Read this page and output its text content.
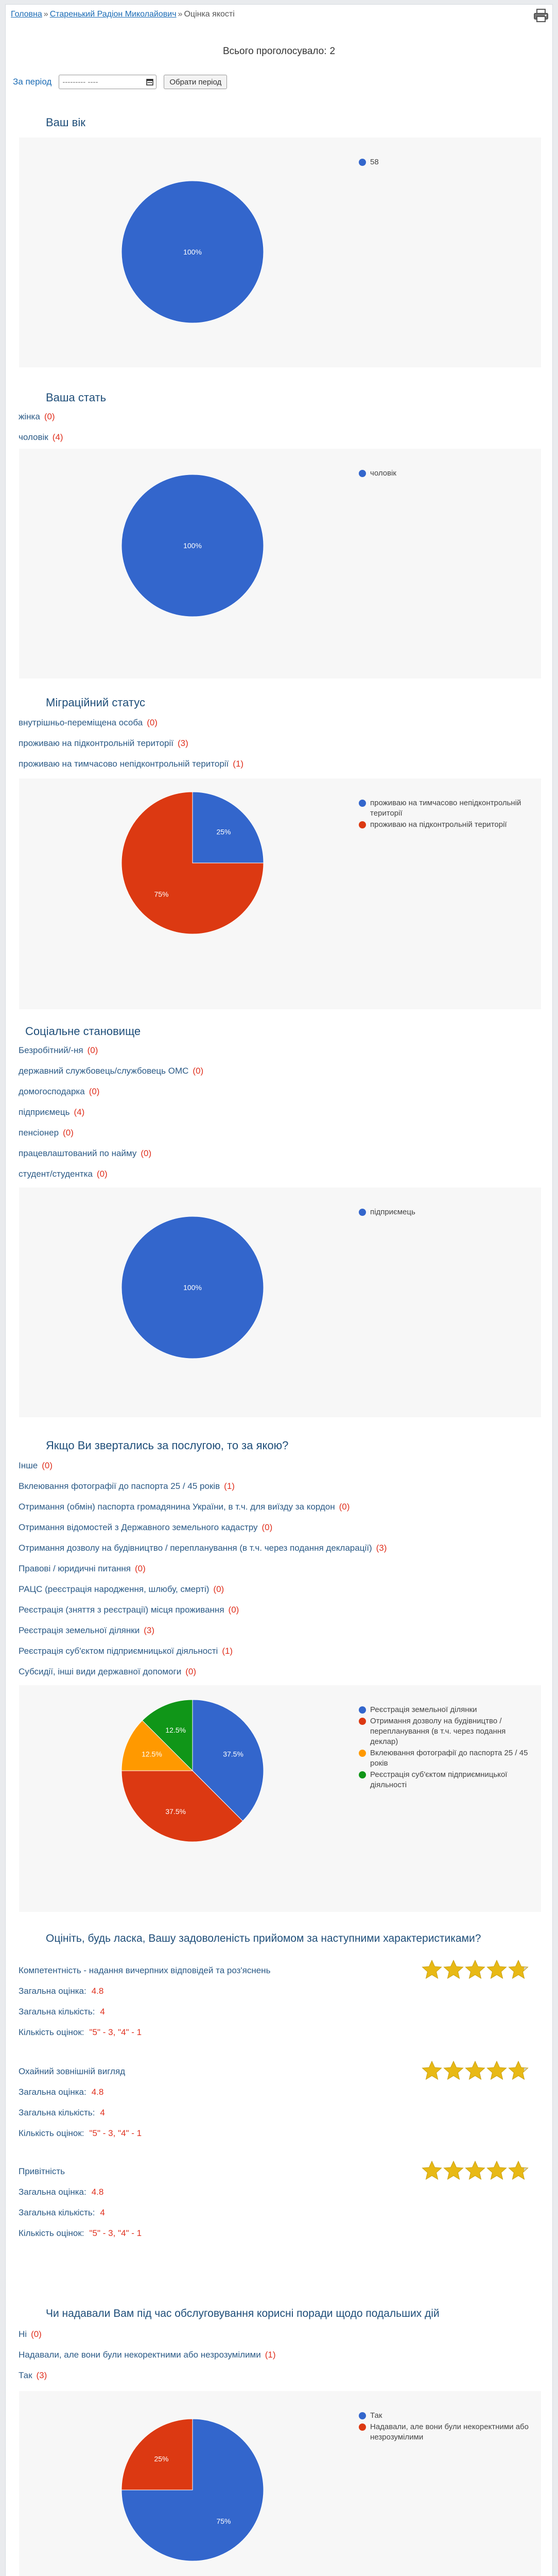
Головна » Старенький Радіон Миколайович » Оцінка якості
Всього проголосувало: 2
За період
--------- ----	Обрати період
Ваш вік
100%
58
Ваша стать
жінка (0)
чоловік (4)
100%
чоловік
Міграційний статус
внутрішньо-переміщена особа (0)
проживаю на підконтрольній території (3)
проживаю на тимчасово непідконтрольній території (1)
25%
75%
проживаю на тимчасово непідконтрольній території
проживаю на підконтрольній території
Соціальне становище
Безробітний/-ня (0)
державний службовець/службовець ОМС (0)
домогосподарка (0)
підприємець (4)
пенсіонер (0)
працевлаштований по найму (0)
студент/студентка (0)
100%
підприємець
Якщо Ви звертались за послугою, то за якою?
Інше (0)
Вклеювання фотографії до паспорта 25 / 45 років (1)
Отримання (обмін) паспорта громадянина України, в т.ч. для виїзду за кордон (0)
Отримання відомостей з Державного земельного кадастру (0)
Отримання дозволу на будівництво / перепланування (в т.ч. через подання декларації) (3)
Правові / юридичні питання (0)
РАЦС (реєстрація народження, шлюбу, смерті) (0)
Реєстрація (зняття з реєстрації) місця проживання (0)
Реєстрація земельної ділянки (3)
Реєстрація суб'єктом підприємницької діяльності (1)
Субсидії, інші види державної допомоги (0)
37.5%
37.5%
12.5%
12.5%
Реєстрація земельної ділянки
Отримання дозволу на будівництво / перепланування (в т.ч. через подання деклар)
Вклеювання фотографії до паспорта 25 / 45 років
Реєстрація суб'єктом підприємницької діяльності
Оцініть, будь ласка, Вашу задоволеність прийомом за наступними характеристиками?
Компетентність - надання вичерпних відповідей та роз'яснень
Загальна оцінка: 4.8
Загальна кількість: 4
Кількість оцінок: "5" - 3, "4" - 1
Охайний зовнішній вигляд
Загальна оцінка: 4.8
Загальна кількість: 4
Кількість оцінок: "5" - 3, "4" - 1
Привітність
Загальна оцінка: 4.8
Загальна кількість: 4
Кількість оцінок: "5" - 3, "4" - 1
Чи надавали Вам під час обслуговування корисні поради щодо подальших дій
Ні (0)
Надавали, але вони були некоректними або незрозумілими (1)
Так (3)
75%
25%
Так
Надавали, але вони були некоректними або незрозумілими
